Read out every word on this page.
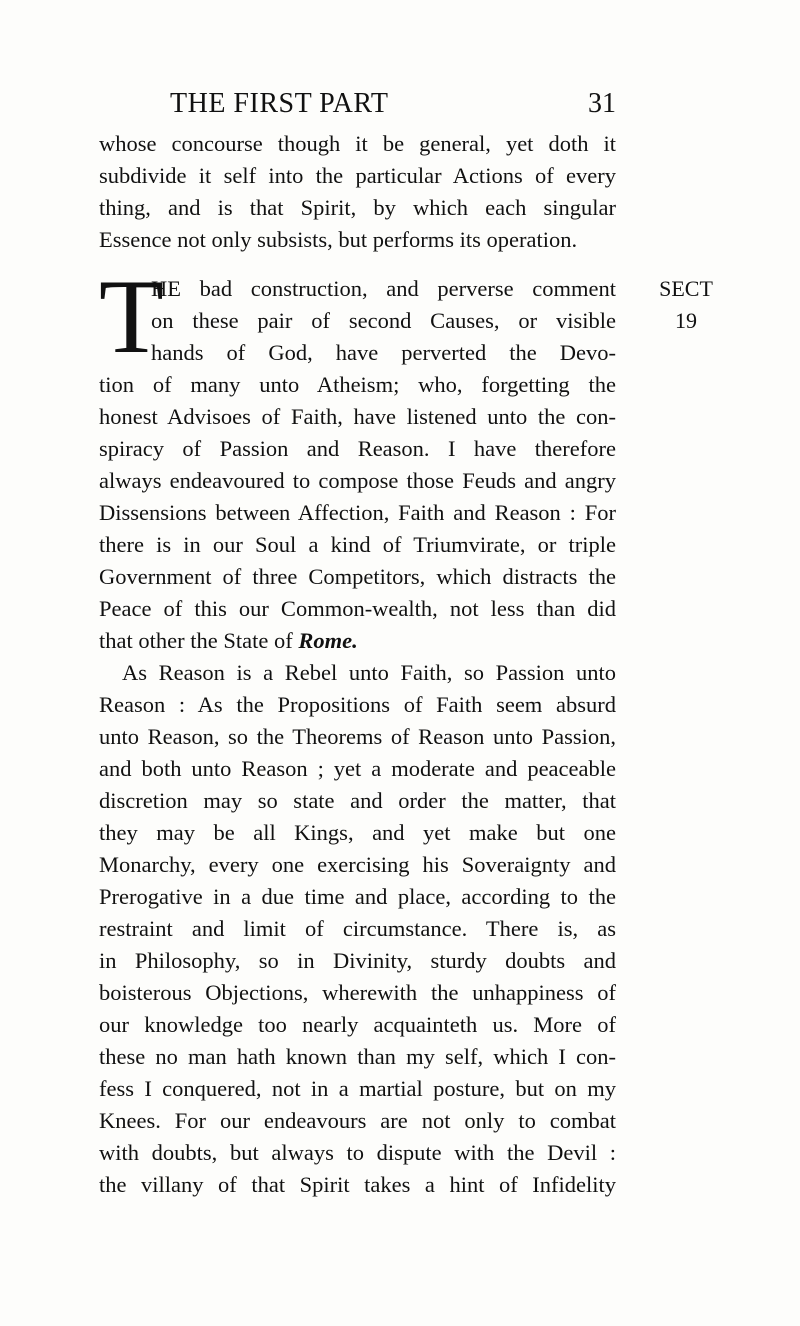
THE FIRST PART	31
whose concourse though it be general, yet doth it
subdivide it self into the particular Actions of every
thing, and is that Spirit, by which each singular
Essence not only subsists, but performs its operation.
T
HE bad construction, and perverse comment
on these pair of second Causes, or visible
hands of God, have perverted the Devo-
SECT
19
tion of many unto Atheism; who, forgetting the
honest Advisoes of Faith, have listened unto the con-
spiracy of Passion and Reason. I have therefore
always endeavoured to compose those Feuds and angry
Dissensions between Affection, Faith and Reason : For
there is in our Soul a kind of Triumvirate, or triple
Government of three Competitors, which distracts the
Peace of this our Common-wealth, not less than did
that other the State of Rome.
As Reason is a Rebel unto Faith, so Passion unto
Reason : As the Propositions of Faith seem absurd
unto Reason, so the Theorems of Reason unto Passion,
and both unto Reason ; yet a moderate and peaceable
discretion may so state and order the matter, that
they may be all Kings, and yet make but one
Monarchy, every one exercising his Soveraignty and
Prerogative in a due time and place, according to the
restraint and limit of circumstance. There is, as
in Philosophy, so in Divinity, sturdy doubts and
boisterous Objections, wherewith the unhappiness of
our knowledge too nearly acquainteth us. More of
these no man hath known than my self, which I con-
fess I conquered, not in a martial posture, but on my
Knees. For our endeavours are not only to combat
with doubts, but always to dispute with the Devil :
the villany of that Spirit takes a hint of Infidelity
